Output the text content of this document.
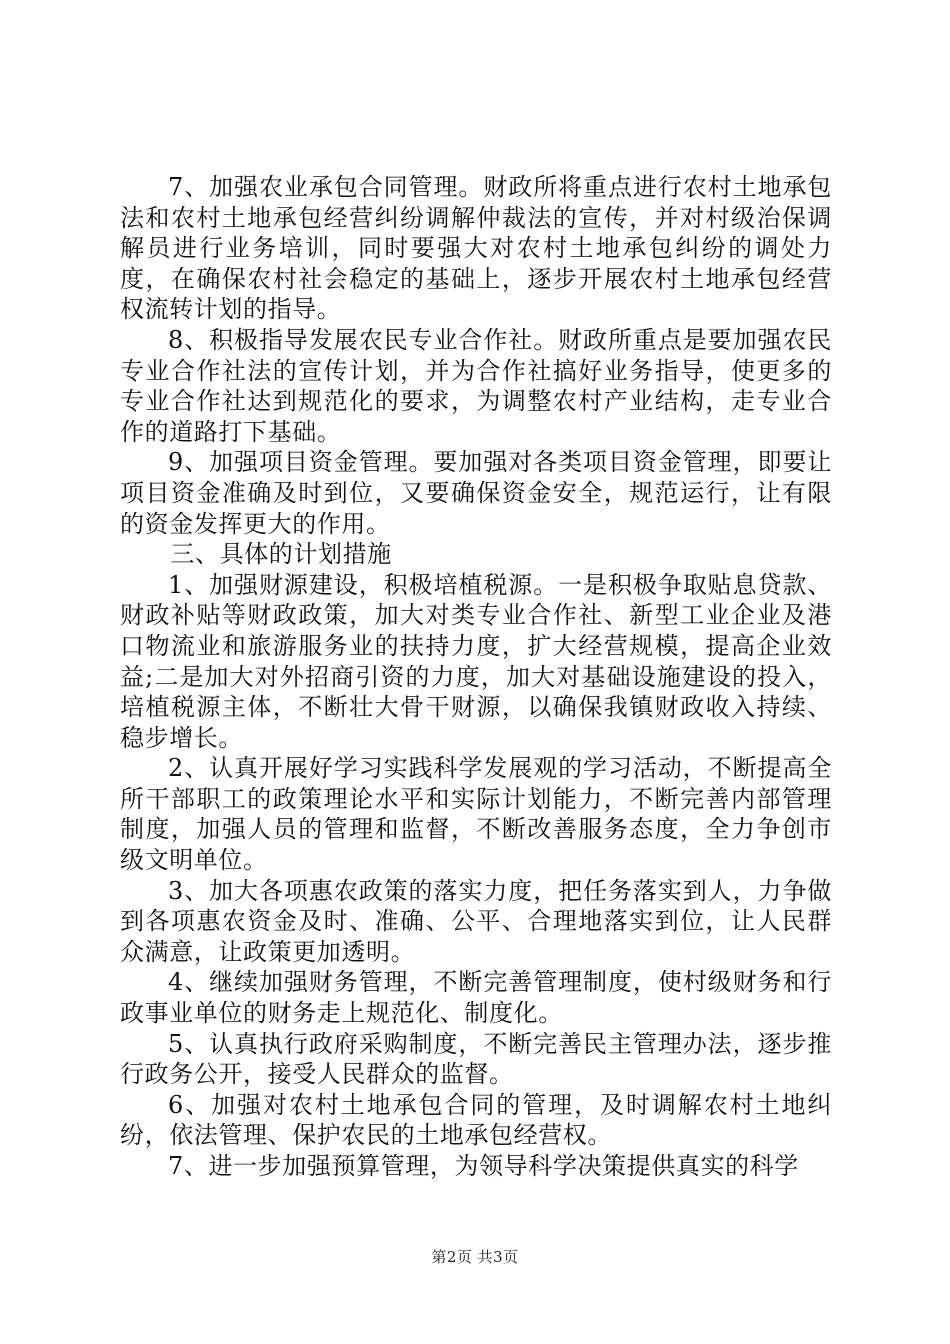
7、加强农业承包合同管理。财政所将重点进行农村土地承包法和农村土地承包经营纠纷调解仲裁法的宣传，并对村级治保调解员进行业务培训，同时要强大对农村土地承包纠纷的调处力度，在确保农村社会稳定的基础上，逐步开展农村土地承包经营权流转计划的指导。

8、积极指导发展农民专业合作社。财政所重点是要加强农民专业合作社法的宣传计划，并为合作社搞好业务指导，使更多的专业合作社达到规范化的要求，为调整农村产业结构，走专业合作的道路打下基础。

9、加强项目资金管理。要加强对各类项目资金管理，即要让项目资金准确及时到位，又要确保资金安全，规范运行，让有限的资金发挥更大的作用。

三、具体的计划措施

1、加强财源建设，积极培植税源。一是积极争取贴息贷款、财政补贴等财政政策，加大对类专业合作社、新型工业企业及港口物流业和旅游服务业的扶持力度，扩大经营规模，提高企业效益;二是加大对外招商引资的力度，加大对基础设施建设的投入，培植税源主体，不断壮大骨干财源，以确保我镇财政收入持续、稳步增长。

2、认真开展好学习实践科学发展观的学习活动，不断提高全所干部职工的政策理论水平和实际计划能力，不断完善内部管理制度，加强人员的管理和监督，不断改善服务态度，全力争创市级文明单位。

3、加大各项惠农政策的落实力度，把任务落实到人，力争做到各项惠农资金及时、准确、公平、合理地落实到位，让人民群众满意，让政策更加透明。

4、继续加强财务管理，不断完善管理制度，使村级财务和行政事业单位的财务走上规范化、制度化。

5、认真执行政府采购制度，不断完善民主管理办法，逐步推行政务公开，接受人民群众的监督。

6、加强对农村土地承包合同的管理，及时调解农村土地纠纷，依法管理、保护农民的土地承包经营权。

7、进一步加强预算管理，为领导科学决策提供真实的科学

第2页 共3页
